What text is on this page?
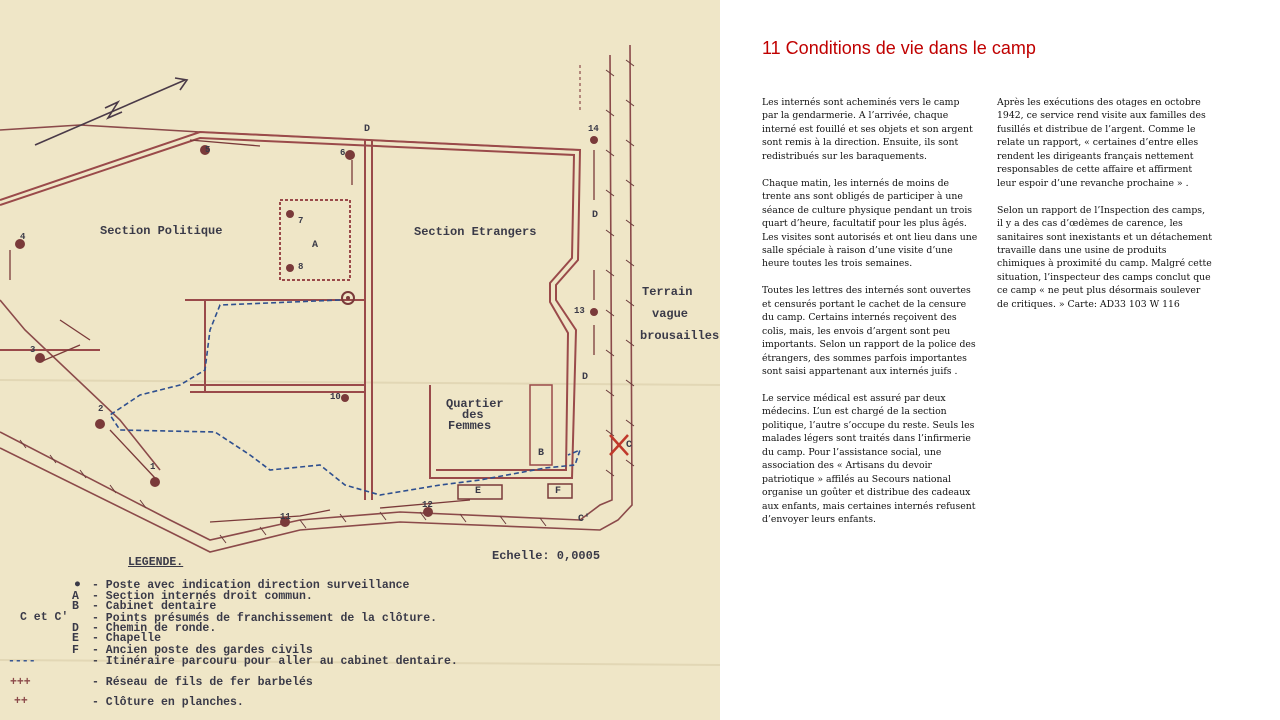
Section Politique	Section Etrangers
Quartier
des
Femmes
Terrain
vague
brousailles
A
B
D
D
D
E	F
C
C'
1
2
3
4
5	6
7
8
10
11
12
13
14
Echelle: 0,0005
LEGENDE.
● - Poste avec indication direction surveillance
A - Section internés droit commun.
B - Cabinet dentaire
C et C' - Points présumés de franchissement de la clôture.
D - Chemin de ronde.
E - Chapelle
F - Ancien poste des gardes civils
----	- Itinéraire parcouru pour aller au cabinet dentaire.
+++	- Réseau de fils de fer barbelés
++	- Clôture en planches.
11 Conditions de vie dans le camp

Les internés sont acheminés vers le camp par la gendarmerie. A l’arrivée, chaque interné est fouillé et ses objets et son argent sont remis à la direction. Ensuite, ils sont redistribués sur les baraquements.

Chaque matin, les internés de moins de trente ans sont obligés de participer à une séance de culture physique pendant un trois quart d’heure, facultatif pour les plus âgés. Les visites sont autorisés et ont lieu dans une salle spéciale à raison d’une visite d’une heure toutes les trois semaines.

Toutes les lettres des internés sont ouvertes et censurés portant le cachet de la censure du camp. Certains internés reçoivent des colis, mais, les envois d’argent sont peu importants. Selon un rapport de la police des étrangers, des sommes parfois importantes sont saisi appartenant aux internés juifs .

Le service médical est assuré par deux médecins. L’un est chargé de la section politique, l’autre s’occupe du reste. Seuls les malades légers sont traités dans l’infirmerie du camp. Pour l’assistance social, une association des « Artisans du devoir patriotique » affilés au Secours national organise un goûter et distribue des cadeaux aux enfants, mais certaines internés refusent d’envoyer leurs enfants.

Après les exécutions des otages en octobre 1942, ce service rend visite aux familles des fusillés et distribue de l’argent. Comme le relate un rapport, « certaines d’entre elles rendent les dirigeants français nettement responsables de cette affaire et affirment leur espoir d’une revanche prochaine » .

Selon un rapport de l’Inspection des camps, il y a des cas d’œdèmes de carence, les sanitaires sont inexistants et un détachement travaille dans une usine de produits chimiques à proximité du camp. Malgré cette situation, l’inspecteur des camps conclut que ce camp « ne peut plus désormais soulever de critiques. » Carte: AD33 103 W 116
